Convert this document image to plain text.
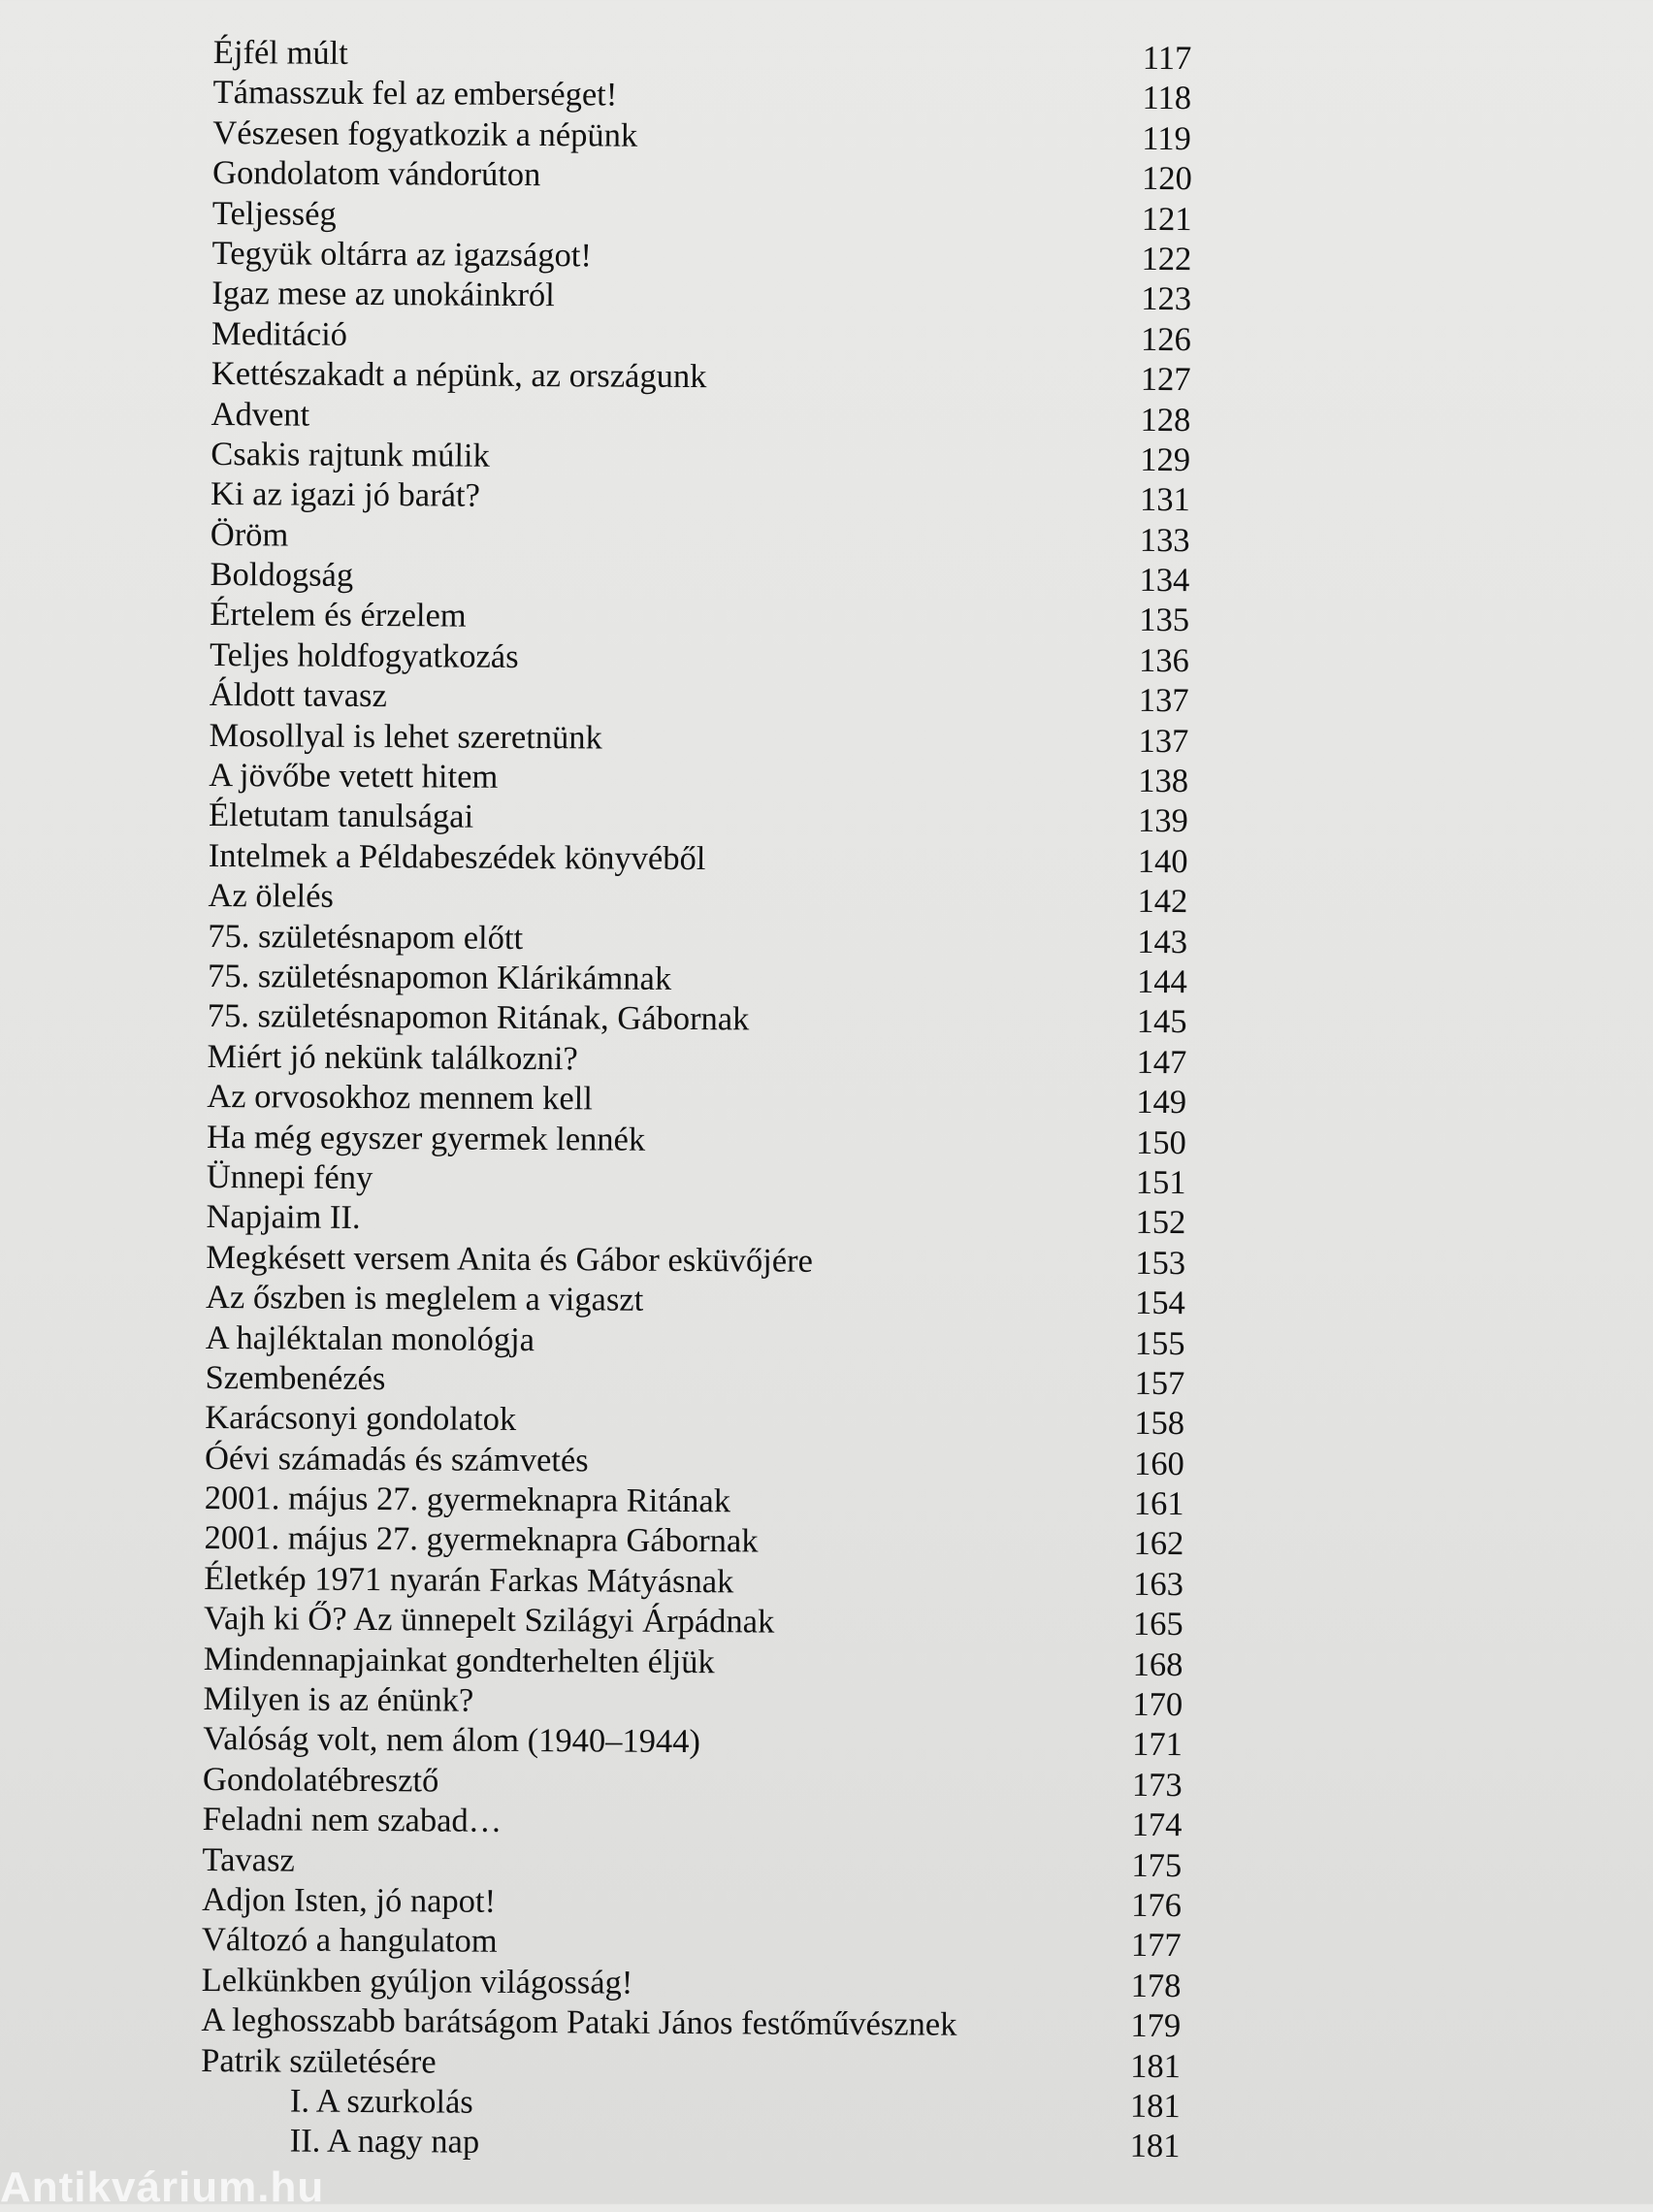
Éjfél múlt	117
Támasszuk fel az emberséget!	118
Vészesen fogyatkozik a népünk	119
Gondolatom vándorúton	120
Teljesség	121
Tegyük oltárra az igazságot!	122
Igaz mese az unokáinkról	123
Meditáció	126
Kettészakadt a népünk, az országunk	127
Advent	128
Csakis rajtunk múlik	129
Ki az igazi jó barát?	131
Öröm	133
Boldogság	134
Értelem és érzelem	135
Teljes holdfogyatkozás	136
Áldott tavasz	137
Mosollyal is lehet szeretnünk	137
A jövőbe vetett hitem	138
Életutam tanulságai	139
Intelmek a Példabeszédek könyvéből	140
Az ölelés	142
75. születésnapom előtt	143
75. születésnapomon Klárikámnak	144
75. születésnapomon Ritának, Gábornak	145
Miért jó nekünk találkozni?	147
Az orvosokhoz mennem kell	149
Ha még egyszer gyermek lennék	150
Ünnepi fény	151
Napjaim II.	152
Megkésett versem Anita és Gábor esküvőjére	153
Az őszben is meglelem a vigaszt	154
A hajléktalan monológja	155
Szembenézés	157
Karácsonyi gondolatok	158
Óévi számadás és számvetés	160
2001. május 27. gyermeknapra Ritának	161
2001. május 27. gyermeknapra Gábornak	162
Életkép 1971 nyarán Farkas Mátyásnak	163
Vajh ki Ő? Az ünnepelt Szilágyi Árpádnak	165
Mindennapjainkat gondterhelten éljük	168
Milyen is az énünk?	170
Valóság volt, nem álom (1940–1944)	171
Gondolatébresztő	173
Feladni nem szabad…	174
Tavasz	175
Adjon Isten, jó napot!	176
Változó a hangulatom	177
Lelkünkben gyúljon világosság!	178
A leghosszabb barátságom Pataki János festőművésznek	179
Patrik születésére	181
I. A szurkolás	181
II. A nagy nap	181
Antikvárium.hu
